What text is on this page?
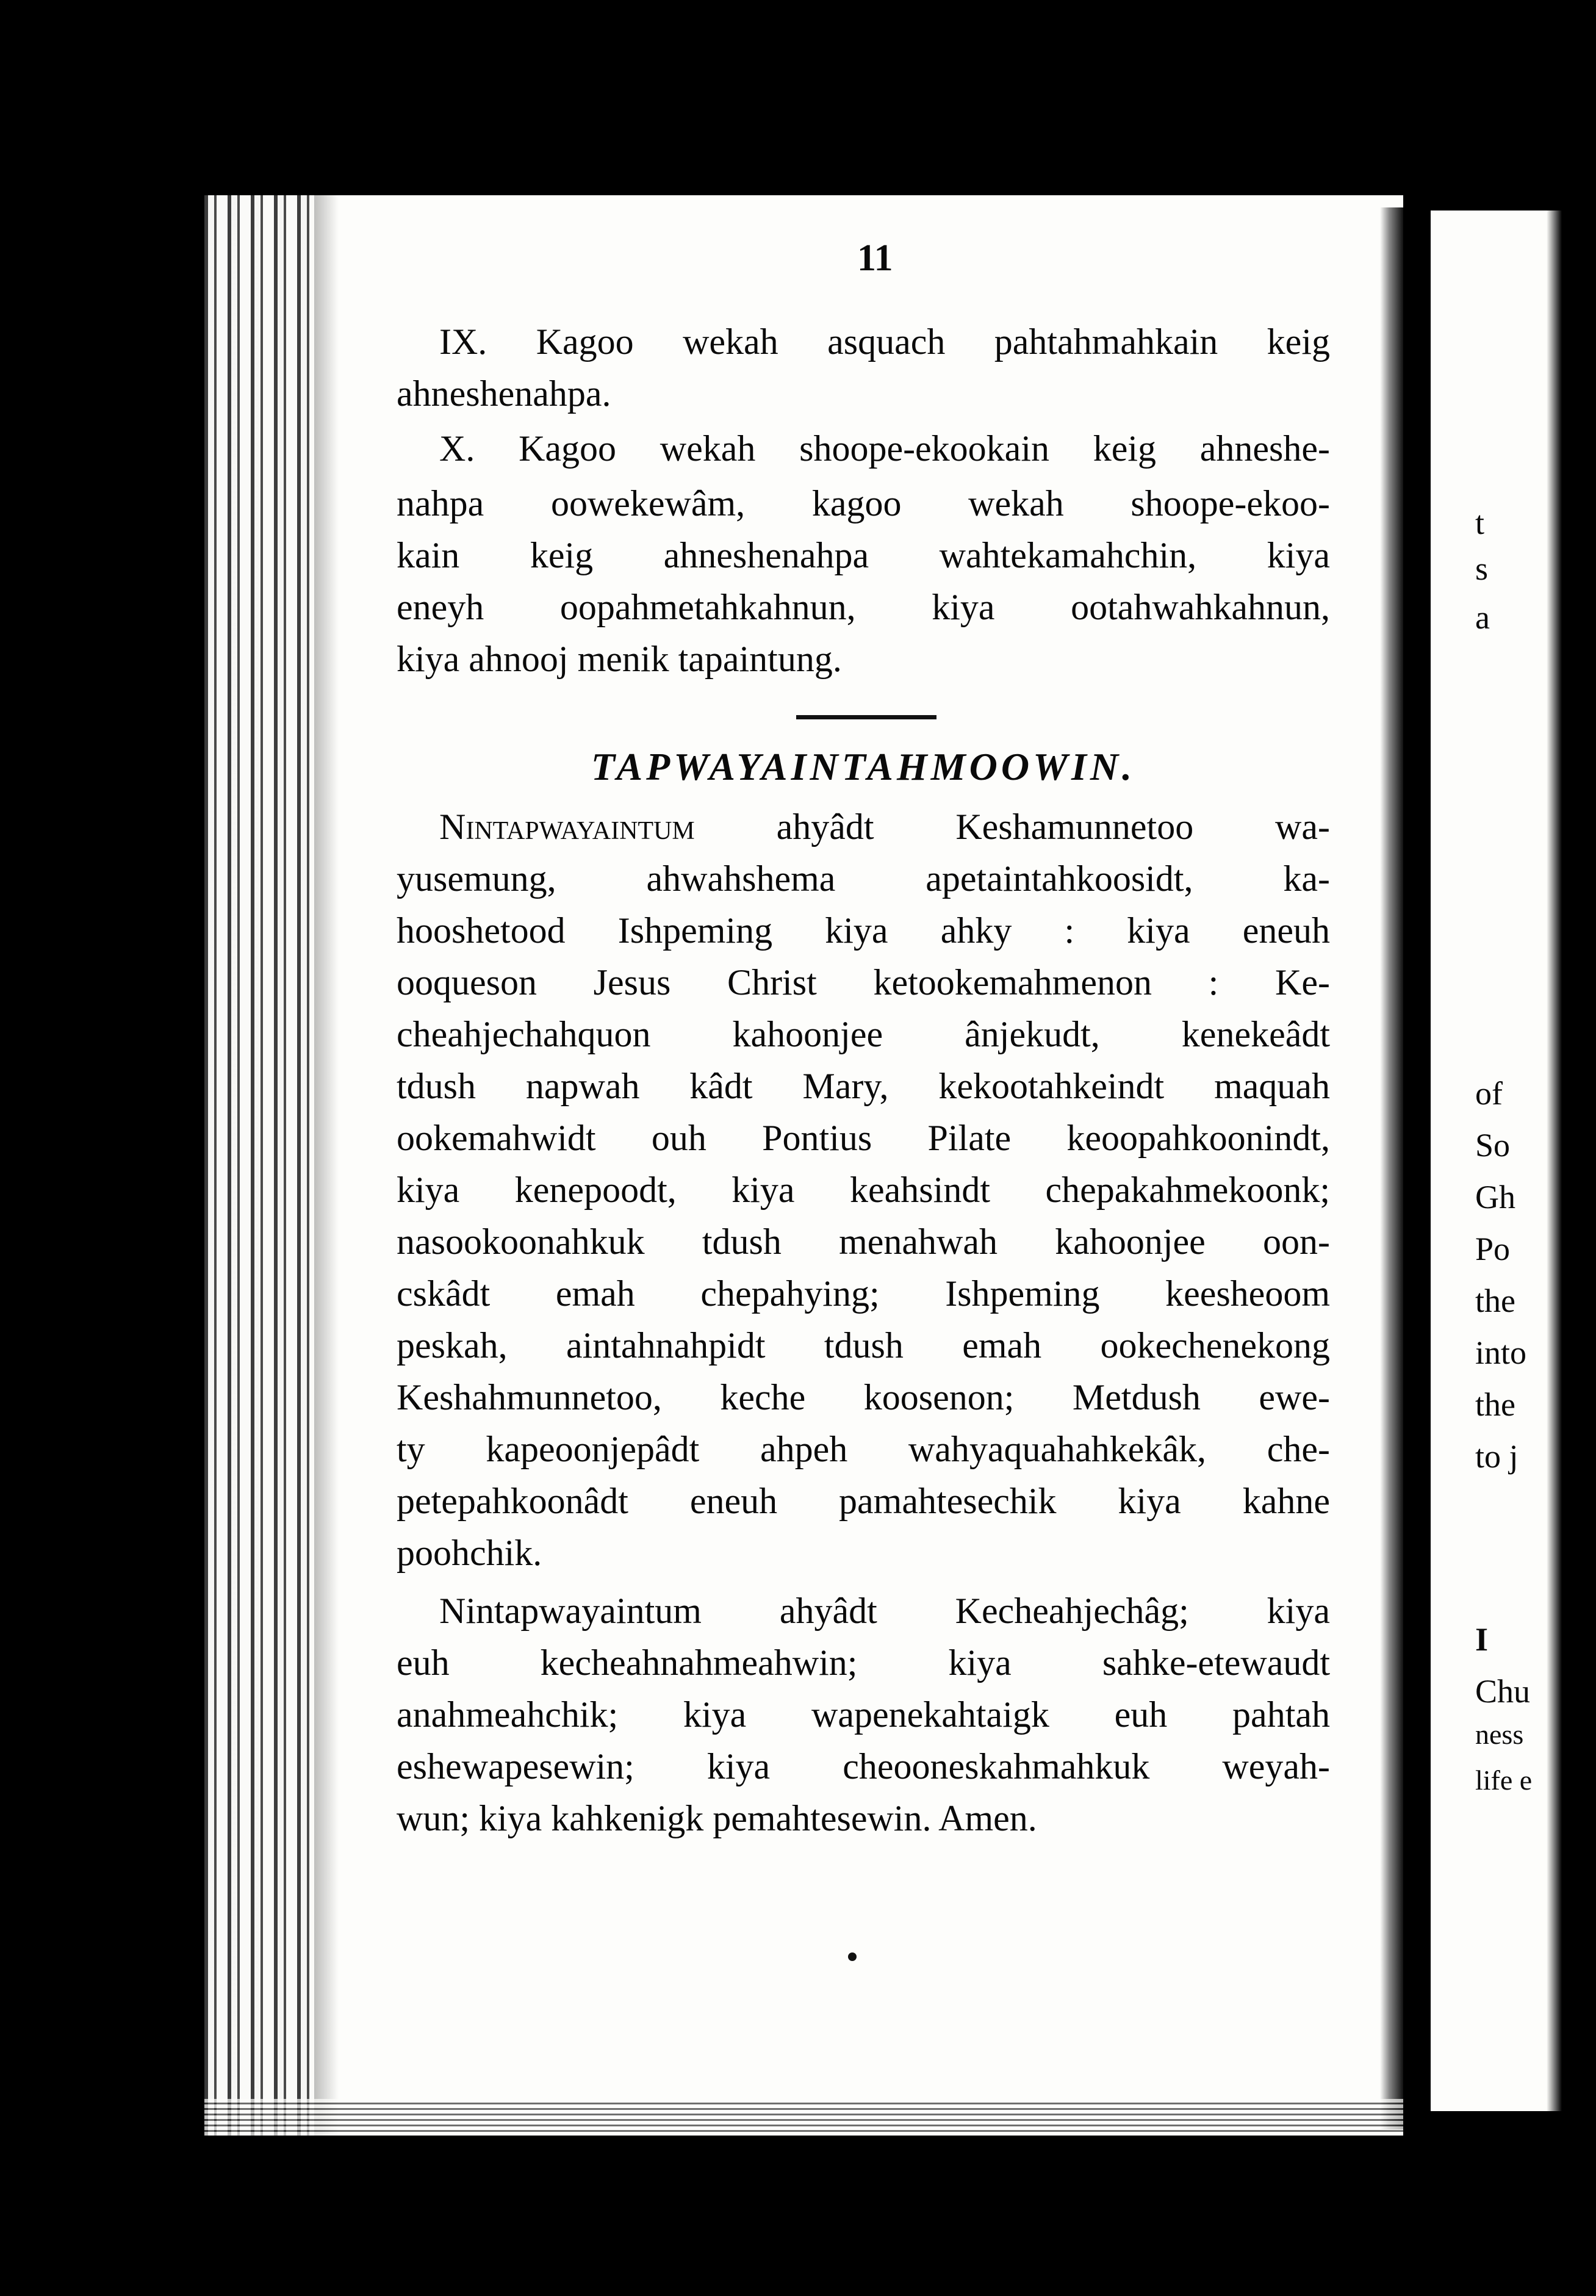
11
IX. Kagoo wekah asquach pahtahmahkain keig
ahneshenahpa.
X. Kagoo wekah shoope-ekookain keig ahneshe-
nahpa oowekewâm, kagoo wekah shoope-ekoo-
kain keig ahneshenahpa wahtekamahchin, kiya
eneyh oopahmetahkahnun, kiya ootahwahkahnun,
kiya ahnooj menik tapaintung.
TAPWAYAINTAHMOOWIN.
Nintapwayaintum ahyâdt Keshamunnetoo wa-
yusemung, ahwahshema apetaintahkoosidt, ka-
hooshetood Ishpeming kiya ahky : kiya eneuh
ooqueson Jesus Christ ketookemahmenon : Ke-
cheahjechahquon kahoonjee ânjekudt, kenekeâdt
tdush napwah kâdt Mary, kekootahkeindt maquah
ookemahwidt ouh Pontius Pilate keoopahkoonindt,
kiya kenepoodt, kiya keahsindt chepakahmekoonk;
nasookoonahkuk tdush menahwah kahoonjee oon-
cskâdt emah chepahying; Ishpeming keesheoom
peskah, aintahnahpidt tdush emah ookechenekong
Keshahmunnetoo, keche koosenon; Metdush ewe-
ty kapeoonjepâdt ahpeh wahyaquahahkekâk, che-
petepahkoonâdt eneuh pamahtesechik kiya kahne
poohchik.
Nintapwayaintum ahyâdt Kecheahjechâg; kiya
euh kecheahnahmeahwin; kiya sahke-etewaudt
anahmeahchik; kiya wapenekahtaigk euh pahtah
eshewapesewin; kiya cheooneskahmahkuk weyah-
wun; kiya kahkenigk pemahtesewin. Amen.
t
s
a
of
So
Gh
Po
the
into
the
to j
I
Chu
ness
life e
